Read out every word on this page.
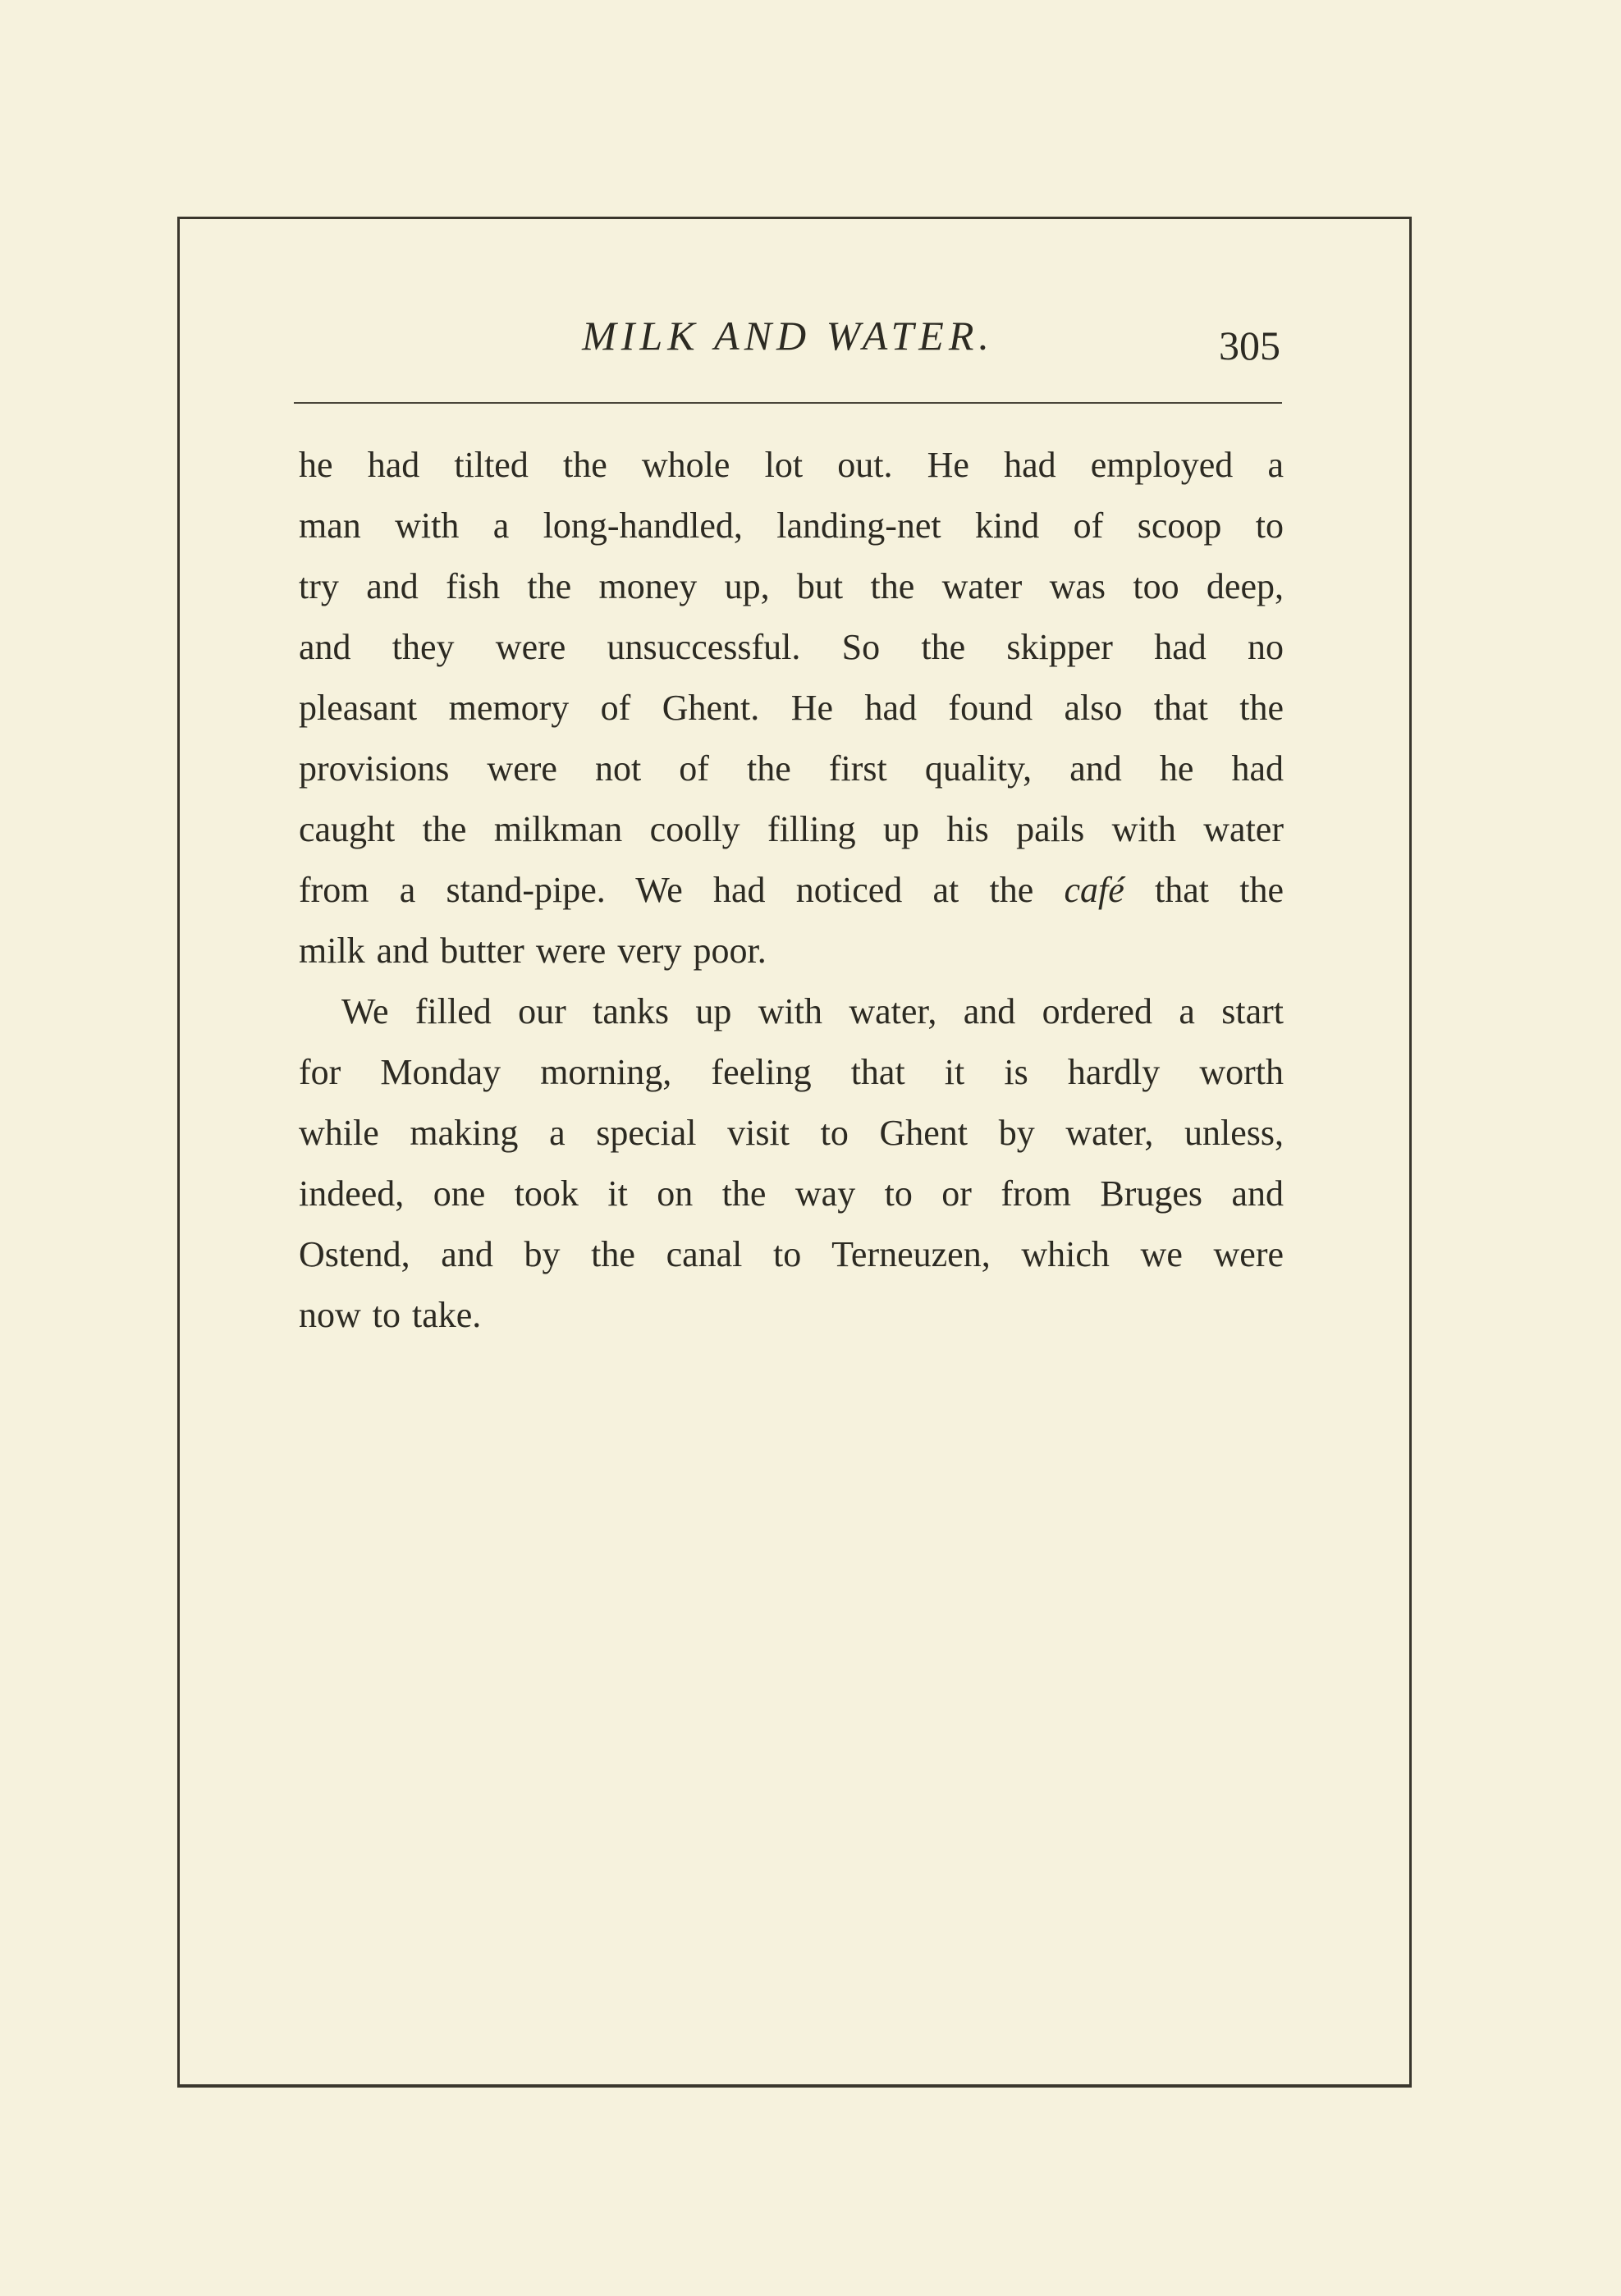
MILK AND WATER.	305
he had tilted the whole lot out. He had employed a
man with a long-handled, landing-net kind of scoop to
try and fish the money up, but the water was too deep,
and they were unsuccessful. So the skipper had no
pleasant memory of Ghent. He had found also that the
provisions were not of the first quality, and he had
caught the milkman coolly filling up his pails with water
from a stand-pipe. We had noticed at the café that the
milk and butter were very poor.
We filled our tanks up with water, and ordered a start
for Monday morning, feeling that it is hardly worth
while making a special visit to Ghent by water, unless,
indeed, one took it on the way to or from Bruges and
Ostend, and by the canal to Terneuzen, which we were
now to take.
